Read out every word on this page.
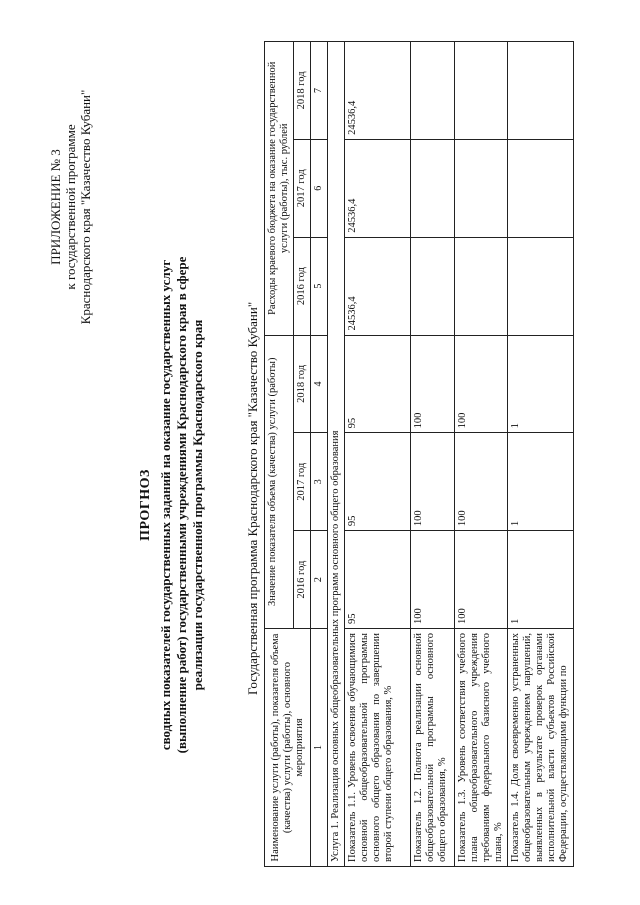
ПРИЛОЖЕНИЕ № 3 к государственной программе Краснодарского края "Казачество Кубани"
ПРОГНОЗ сводных показателей государственных заданий на оказание государственных услуг (выполнение работ) государственными учреждениями Краснодарского края в сфере реализации государственной программы Краснодарского края	Государственная программа Краснодарского края "Казачество Кубани"
Наименование услуги (работы), показателя объема (качества) услуги (работы), основного мероприятия	Значение показателя объема (качества) услуги (работы)			Расходы краевого бюджета на оказание государственной услуги (работы), тыс. рублей		
	2016 год	2017 год	2018 год	2016 год	2017 год	2018 год
1	2	3	4	5	6	7
Услуга 1. Реализация основных общеобразовательных программ основного общего образования						
Показатель 1.1. Уровень освоения обучающимися основной общеобразовательной программы основного общего образования по завершении второй ступени общего образования, %	95	95	95	24536,4	24536,4	24536,4
Показатель 1.2. Полнота реализации основной общеобразовательной программы основного общего образования, %	100	100	100			
Показатель 1.3. Уровень соответствия учебного плана общеобразовательного учреждения требованиям федерального базисного учебного плана, %	100	100	100			
Показатель 1.4. Доля своевременно устраненных общеобразовательным учреждением нарушений, выявленных в результате проверок органами исполнительной власти субъектов Российской Федерации, осуществляющими функции по	1	1	1			
